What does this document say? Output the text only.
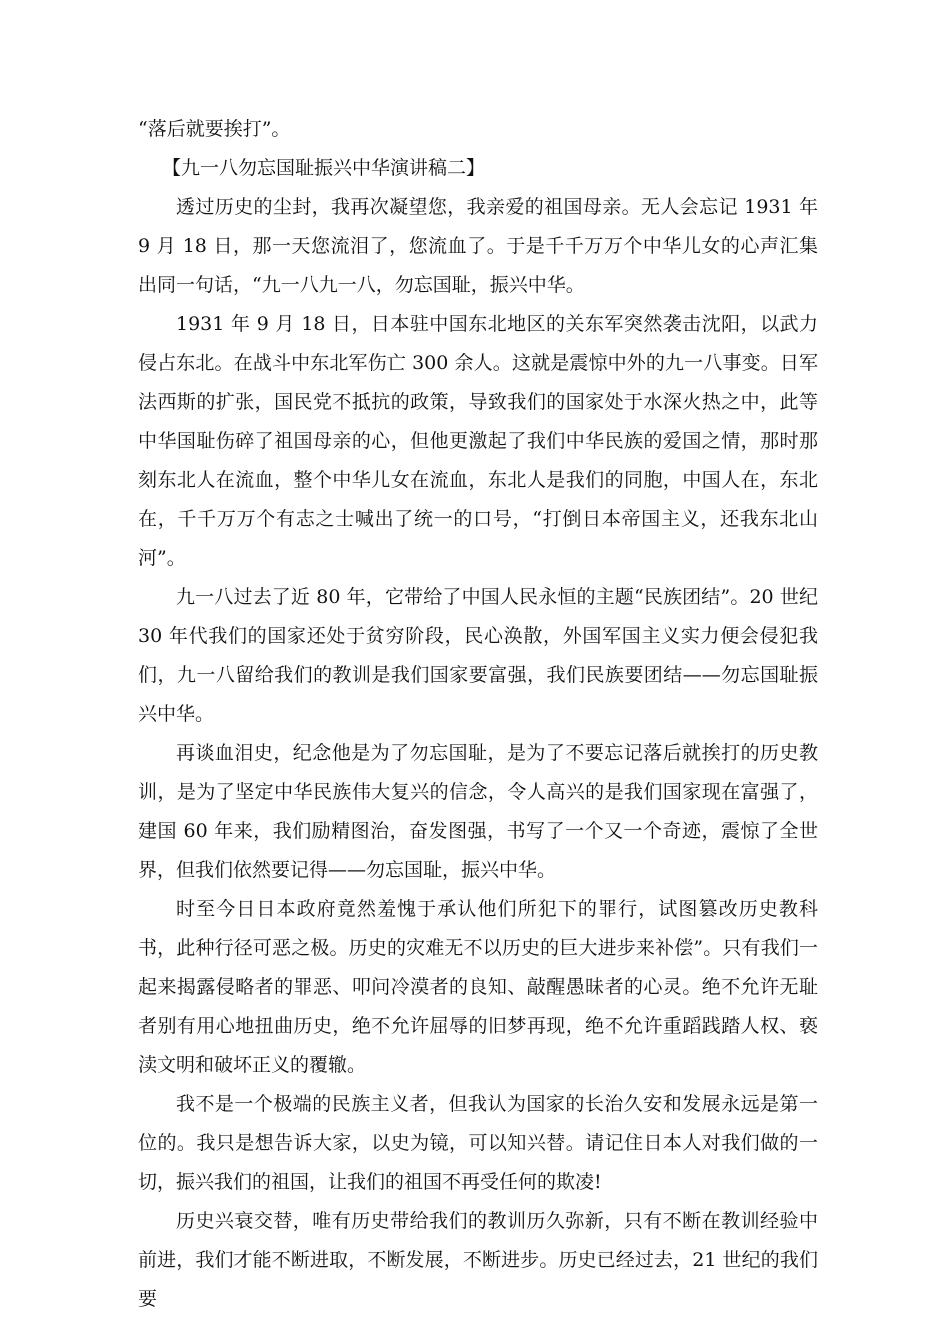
“落后就要挨打”。

【九一八勿忘国耻振兴中华演讲稿二】

透过历史的尘封，我再次凝望您，我亲爱的祖国母亲。无人会忘记 1931 年 9 月 18 日，那一天您流泪了，您流血了。于是千千万万个中华儿女的心声汇集出同一句话，“九一八九一八，勿忘国耻，振兴中华。

1931 年 9 月 18 日，日本驻中国东北地区的关东军突然袭击沈阳，以武力侵占东北。在战斗中东北军伤亡 300 余人。这就是震惊中外的九一八事变。日军法西斯的扩张，国民党不抵抗的政策，导致我们的国家处于水深火热之中，此等中华国耻伤碎了祖国母亲的心，但他更激起了我们中华民族的爱国之情，那时那刻东北人在流血，整个中华儿女在流血，东北人是我们的同胞，中国人在，东北在，千千万万个有志之士喊出了统一的口号，“打倒日本帝国主义，还我东北山河”。

九一八过去了近 80 年，它带给了中国人民永恒的主题“民族团结”。20 世纪 30 年代我们的国家还处于贫穷阶段，民心涣散，外国军国主义实力便会侵犯我们，九一八留给我们的教训是我们国家要富强，我们民族要团结——勿忘国耻振兴中华。

再谈血泪史，纪念他是为了勿忘国耻，是为了不要忘记落后就挨打的历史教训，是为了坚定中华民族伟大复兴的信念，令人高兴的是我们国家现在富强了，建国 60 年来，我们励精图治，奋发图强，书写了一个又一个奇迹，震惊了全世界，但我们依然要记得——勿忘国耻，振兴中华。

时至今日日本政府竟然羞愧于承认他们所犯下的罪行，试图篡改历史教科书，此种行径可恶之极。历史的灾难无不以历史的巨大进步来补偿”。只有我们一起来揭露侵略者的罪恶、叩问冷漠者的良知、敲醒愚昧者的心灵。绝不允许无耻者别有用心地扭曲历史，绝不允许屈辱的旧梦再现，绝不允许重蹈践踏人权、亵渎文明和破坏正义的覆辙。

我不是一个极端的民族主义者，但我认为国家的长治久安和发展永远是第一位的。我只是想告诉大家，以史为镜，可以知兴替。请记住日本人对我们做的一切，振兴我们的祖国，让我们的祖国不再受任何的欺凌!

历史兴衰交替，唯有历史带给我们的教训历久弥新，只有不断在教训经验中前进，我们才能不断进取，不断发展，不断进步。历史已经过去，21 世纪的我们要
